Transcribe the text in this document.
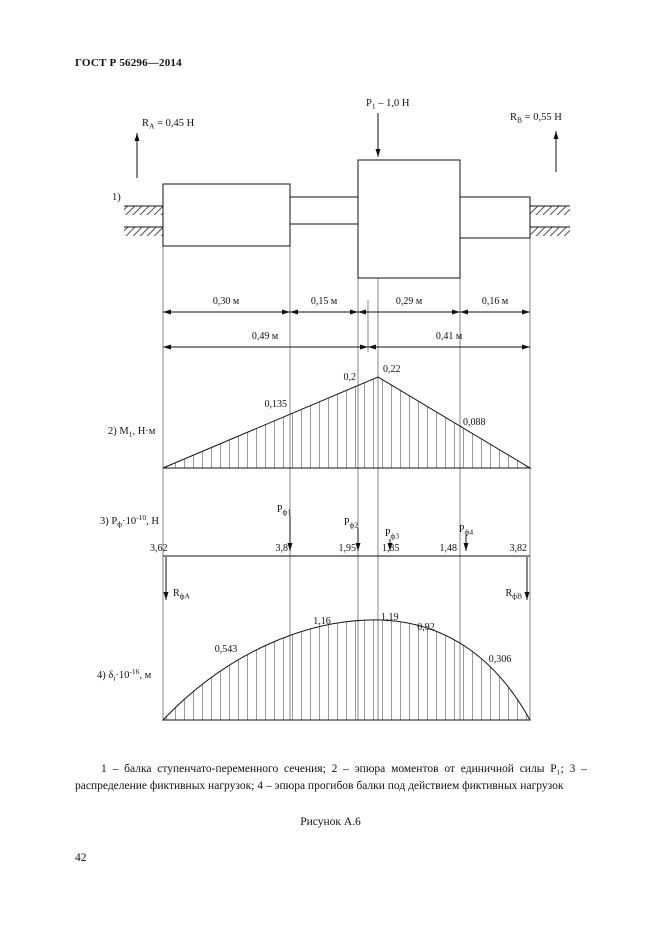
ГОСТ Р 56296—2014
1)
$R_A = 0,45$ Н
$P_1 - 1,0$ Н
$R_B = 0,55$ Н
0,30 м	0,15 м	0,29 м	0,16 м
0,49 м	0,41 м
2) $M_1$, Н·м
0,135
0,2
0,22
0,088
3) $P_ф\cdot 10^{-10}$, Н
3,62	3,8	1,95	1,35	1,48	3,82
$P_{ф1}$
$P_{ф2}$
$P_{ф3}$
$P_{ф4}$
$R_{фА}$	$R_{фВ}$
4) $\delta_i\cdot 10^{-16}$, м
0,543
1,16	1,19
0,92
0,306
1 – балка ступенчато-переменного сечения; 2 – эпюра моментов от единичной силы Р₁; 3 – распределение фиктивных нагрузок; 4 – эпюра прогибов балки под действием фиктивных нагрузок
Рисунок А.6
42
